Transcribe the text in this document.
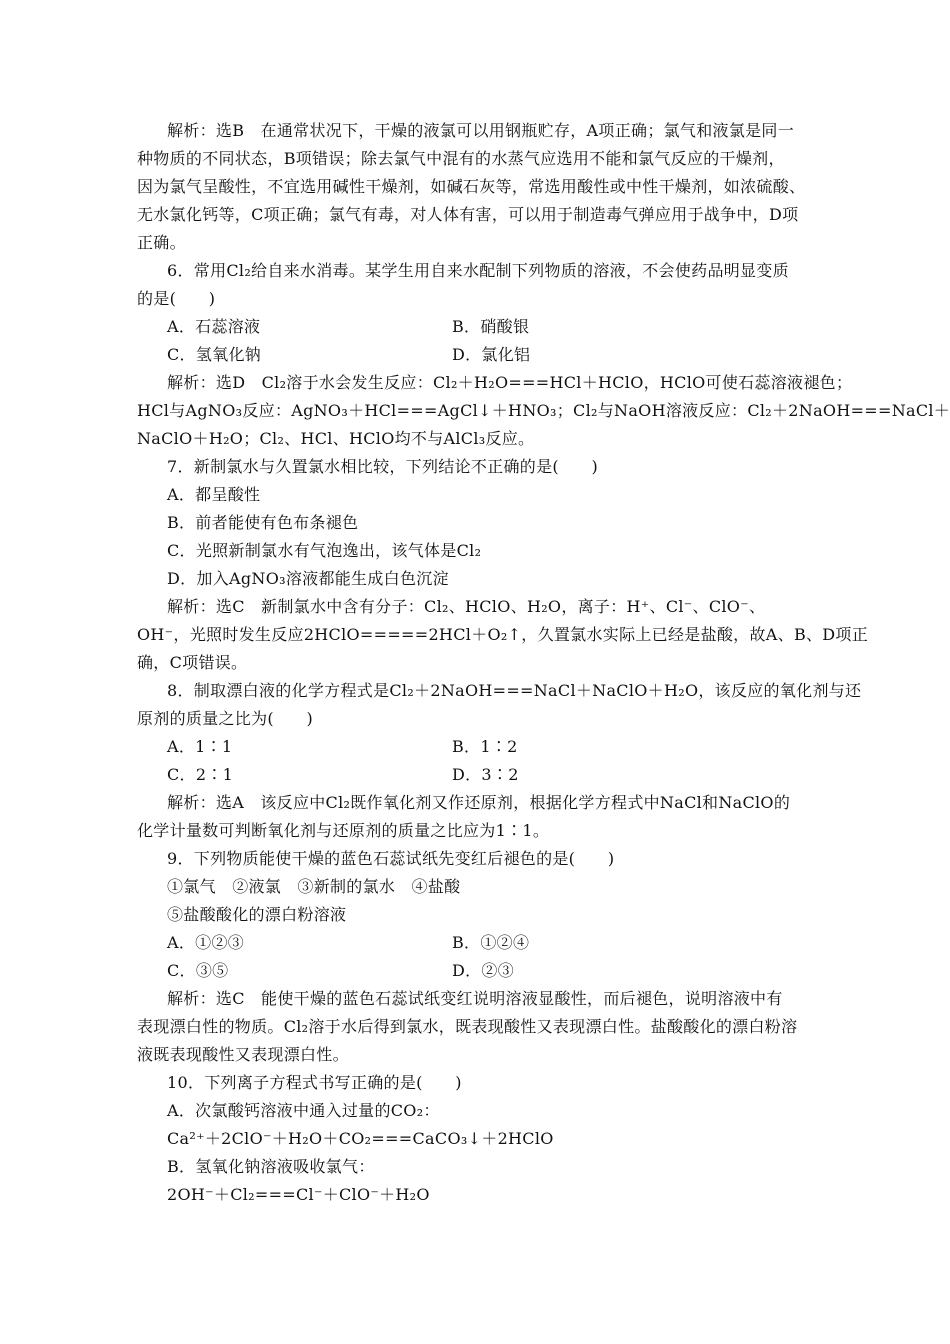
解析：选B　在通常状况下，干燥的液氯可以用钢瓶贮存，A项正确；氯气和液氯是同一
种物质的不同状态，B项错误；除去氯气中混有的水蒸气应选用不能和氯气反应的干燥剂，
因为氯气呈酸性，不宜选用碱性干燥剂，如碱石灰等，常选用酸性或中性干燥剂，如浓硫酸、
无水氯化钙等，C项正确；氯气有毒，对人体有害，可以用于制造毒气弹应用于战争中，D项
正确。
6．常用Cl₂给自来水消毒。某学生用自来水配制下列物质的溶液，不会使药品明显变质
的是(　　)
A．石蕊溶液	B．硝酸银
C．氢氧化钠	D．氯化铝
解析：选D　Cl₂溶于水会发生反应：Cl₂＋H₂O===HCl＋HClO，HClO可使石蕊溶液褪色；
HCl与AgNO₃反应：AgNO₃＋HCl===AgCl↓＋HNO₃；Cl₂与NaOH溶液反应：Cl₂＋2NaOH===NaCl＋
NaClO＋H₂O；Cl₂、HCl、HClO均不与AlCl₃反应。
7．新制氯水与久置氯水相比较，下列结论不正确的是(　　)
A．都呈酸性
B．前者能使有色布条褪色
C．光照新制氯水有气泡逸出，该气体是Cl₂
D．加入AgNO₃溶液都能生成白色沉淀
解析：选C　新制氯水中含有分子：Cl₂、HClO、H₂O，离子：H⁺、Cl⁻、ClO⁻、
OH⁻，光照时发生反应2HClO=====2HCl＋O₂↑，久置氯水实际上已经是盐酸，故A、B、D项正
确，C项错误。
8．制取漂白液的化学方程式是Cl₂＋2NaOH===NaCl＋NaClO＋H₂O，该反应的氧化剂与还
原剂的质量之比为(　　)
A．1∶1	B．1∶2
C．2∶1	D．3∶2
解析：选A　该反应中Cl₂既作氧化剂又作还原剂，根据化学方程式中NaCl和NaClO的
化学计量数可判断氧化剂与还原剂的质量之比应为1∶1。
9．下列物质能使干燥的蓝色石蕊试纸先变红后褪色的是(　　)
①氯气　②液氯　③新制的氯水　④盐酸
⑤盐酸酸化的漂白粉溶液
A．①②③	B．①②④
C．③⑤	D．②③
解析：选C　能使干燥的蓝色石蕊试纸变红说明溶液显酸性，而后褪色，说明溶液中有
表现漂白性的物质。Cl₂溶于水后得到氯水，既表现酸性又表现漂白性。盐酸酸化的漂白粉溶
液既表现酸性又表现漂白性。
10．下列离子方程式书写正确的是(　　)
A．次氯酸钙溶液中通入过量的CO₂：
Ca²⁺＋2ClO⁻＋H₂O＋CO₂===CaCO₃↓＋2HClO
B．氢氧化钠溶液吸收氯气：
2OH⁻＋Cl₂===Cl⁻＋ClO⁻＋H₂O
